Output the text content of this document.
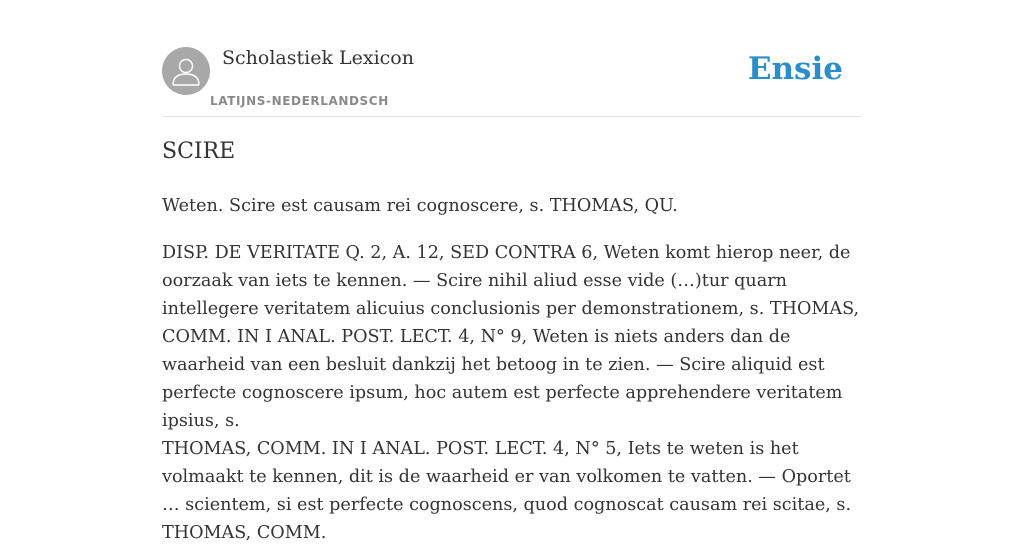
Scholastiek Lexicon
LATIJNS-NEDERLANDSCH
Ensie
SCIRE

Weten. Scire est causam rei cognoscere, s. THOMAS, QU.

DISP. DE VERITATE Q. 2, A. 12, SED CONTRA 6, Weten komt hierop neer, de oorzaak van iets te kennen. — Scire nihil aliud esse vide (…)tur quarn intellegere veritatem alicuius conclusionis per demonstrationem, s. THOMAS, COMM. IN I ANAL. POST. LECT. 4, N° 9, Weten is niets anders dan de waarheid van een besluit dankzij het betoog in te zien. — Scire aliquid est perfecte cognoscere ipsum, hoc autem est perfecte apprehendere veritatem ipsius, s.

THOMAS, COMM. IN I ANAL. POST. LECT. 4, N° 5, Iets te weten is het volmaakt te kennen, dit is de waarheid er van volkomen te vatten. — Oportet … scientem, si est perfecte cognoscens, quod cognoscat causam rei scitae, s. THOMAS, COMM.
